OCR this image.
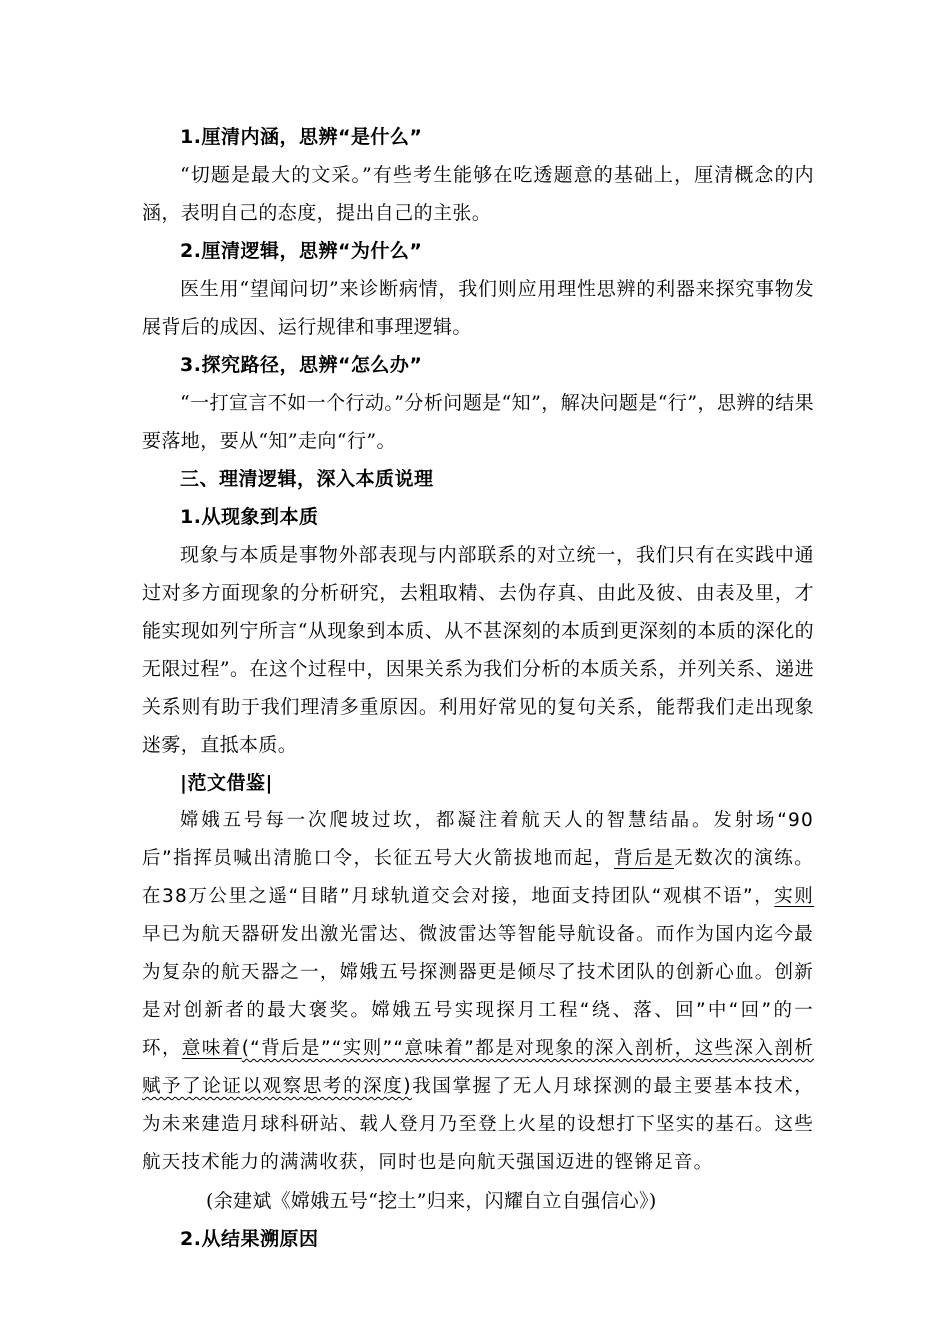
1.厘清内涵，思辨“是什么”

“切题是最大的文采。”有些考生能够在吃透题意的基础上，厘清概念的内涵，表明自己的态度，提出自己的主张。

2.厘清逻辑，思辨“为什么”

医生用“望闻问切”来诊断病情，我们则应用理性思辨的利器来探究事物发展背后的成因、运行规律和事理逻辑。

3.探究路径，思辨“怎么办”

“一打宣言不如一个行动。”分析问题是“知”，解决问题是“行”，思辨的结果要落地，要从“知”走向“行”。

三、理清逻辑，深入本质说理

1.从现象到本质

现象与本质是事物外部表现与内部联系的对立统一，我们只有在实践中通过对多方面现象的分析研究，去粗取精、去伪存真、由此及彼、由表及里，才能实现如列宁所言“从现象到本质、从不甚深刻的本质到更深刻的本质的深化的无限过程”。在这个过程中，因果关系为我们分析的本质关系，并列关系、递进关系则有助于我们理清多重原因。利用好常见的复句关系，能帮我们走出现象迷雾，直抵本质。

|范文借鉴|

嫦娥五号每一次爬坡过坎，都凝注着航天人的智慧结晶。发射场“90后”指挥员喊出清脆口令，长征五号大火箭拔地而起，背后是无数次的演练。在38万公里之遥“目睹”月球轨道交会对接，地面支持团队“观棋不语”，实则早已为航天器研发出激光雷达、微波雷达等智能导航设备。而作为国内迄今最为复杂的航天器之一，嫦娥五号探测器更是倾尽了技术团队的创新心血。创新是对创新者的最大褒奖。嫦娥五号实现探月工程“绕、落、回”中“回”的一环，意味着(“背后是”“实则”“意味着”都是对现象的深入剖析，这些深入剖析赋予了论证以观察思考的深度)我国掌握了无人月球探测的最主要基本技术，为未来建造月球科研站、载人登月乃至登上火星的设想打下坚实的基石。这些航天技术能力的满满收获，同时也是向航天强国迈进的铿锵足音。

(余建斌《嫦娥五号“挖土”归来，闪耀自立自强信心》)

2.从结果溯原因
